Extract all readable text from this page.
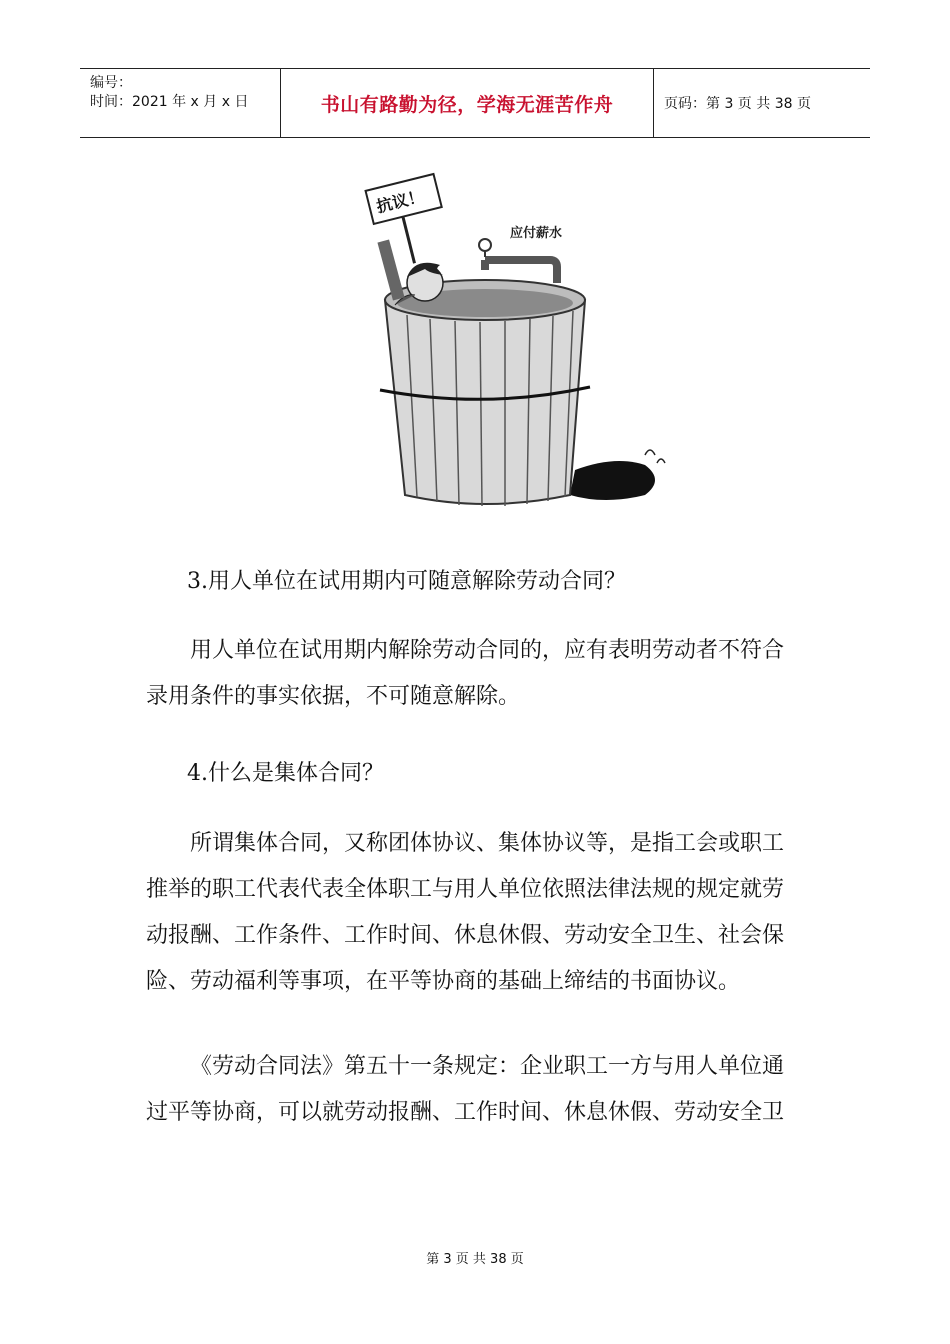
编号：
时间：2021 年 x 月 x 日	书山有路勤为径，学海无涯苦作舟	页码：第 3 页 共 38 页
应付薪水
抗议！

3.用人单位在试用期内可随意解除劳动合同？

用人单位在试用期内解除劳动合同的，应有表明劳动者不符合
录用条件的事实依据，不可随意解除。

4.什么是集体合同？

所谓集体合同，又称团体协议、集体协议等，是指工会或职工
推举的职工代表代表全体职工与用人单位依照法律法规的规定就劳
动报酬、工作条件、工作时间、休息休假、劳动安全卫生、社会保
险、劳动福利等事项，在平等协商的基础上缔结的书面协议。

《劳动合同法》第五十一条规定：企业职工一方与用人单位通
过平等协商，可以就劳动报酬、工作时间、休息休假、劳动安全卫

第 3 页 共 38 页
